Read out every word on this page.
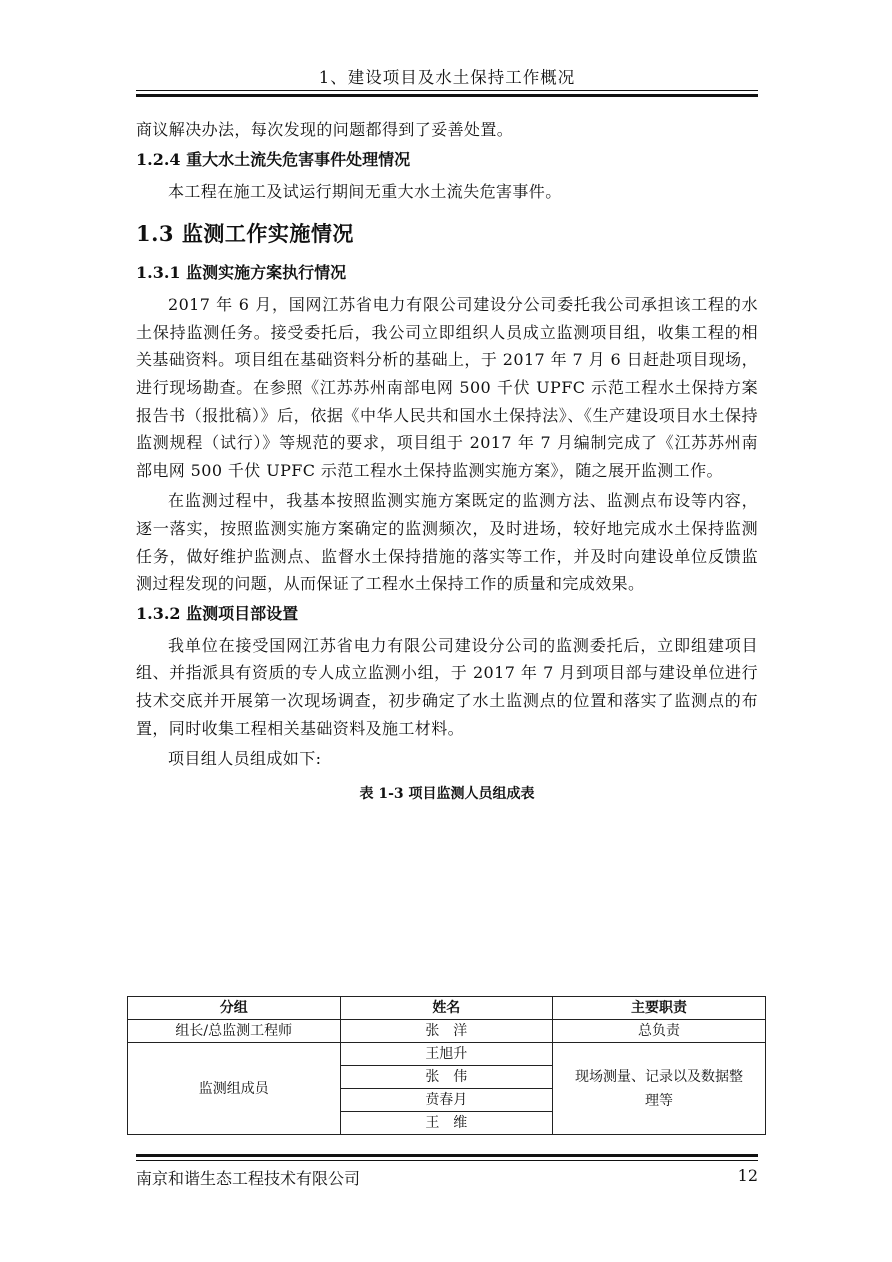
1、建设项目及水土保持工作概况

商议解决办法，每次发现的问题都得到了妥善处置。

1.2.4 重大水土流失危害事件处理情况

本工程在施工及试运行期间无重大水土流失危害事件。

1.3 监测工作实施情况
1.3.1 监测实施方案执行情况

2017 年 6 月，国网江苏省电力有限公司建设分公司委托我公司承担该工程的水土保持监测任务。接受委托后，我公司立即组织人员成立监测项目组，收集工程的相关基础资料。项目组在基础资料分析的基础上，于 2017 年 7 月 6 日赶赴项目现场，进行现场勘查。在参照《江苏苏州南部电网 500 千伏 UPFC 示范工程水土保持方案报告书（报批稿）》后，依据《中华人民共和国水土保持法》、《生产建设项目水土保持监测规程（试行）》等规范的要求，项目组于 2017 年 7 月编制完成了《江苏苏州南部电网 500 千伏 UPFC 示范工程水土保持监测实施方案》，随之展开监测工作。

在监测过程中，我基本按照监测实施方案既定的监测方法、监测点布设等内容，逐一落实，按照监测实施方案确定的监测频次，及时进场，较好地完成水土保持监测任务，做好维护监测点、监督水土保持措施的落实等工作，并及时向建设单位反馈监测过程发现的问题，从而保证了工程水土保持工作的质量和完成效果。

1.3.2 监测项目部设置

我单位在接受国网江苏省电力有限公司建设分公司的监测委托后，立即组建项目组、并指派具有资质的专人成立监测小组，于 2017 年 7 月到项目部与建设单位进行技术交底并开展第一次现场调查，初步确定了水土监测点的位置和落实了监测点的布置，同时收集工程相关基础资料及施工材料。

项目组人员组成如下:

表 1-3 项目监测人员组成表
分组	姓名	主要职责
组长/总监测工程师	张　洋	总负责
监测组成员	王旭升	现场测量、记录以及数据整理等
	张　伟	
	贲春月	
	王　维	
南京和谐生态工程技术有限公司	12
